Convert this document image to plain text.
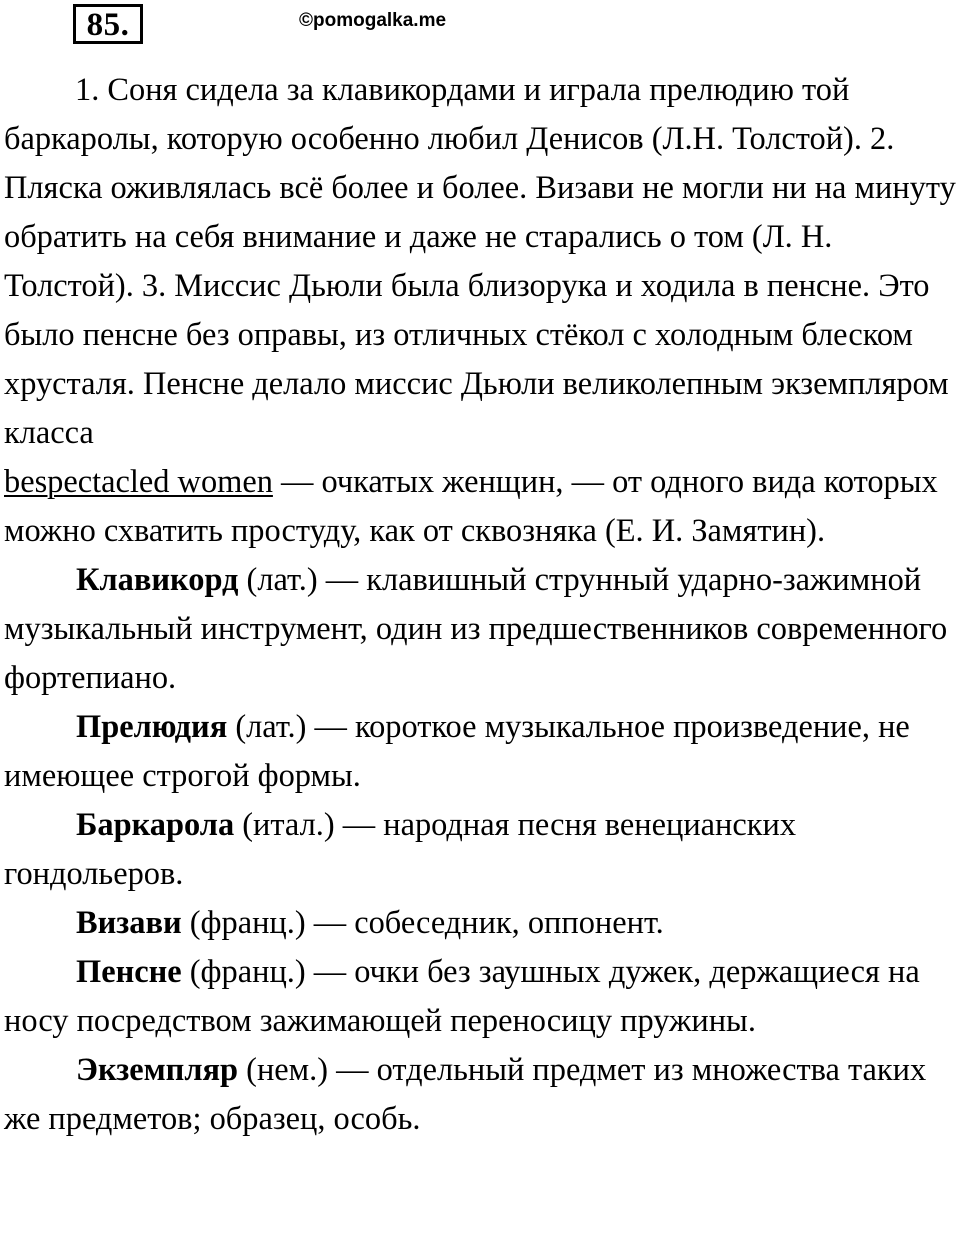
85.	©pomogalka.me

1. Соня сидела за клавикордами и играла прелюдию той баркаролы, которую особенно любил Денисов (Л.Н. Толстой). 2. Пляска оживлялась всё более и более. Визави не могли ни на минуту обратить на себя внимание и даже не старались о том (Л. Н. Толстой). 3. Миссис Дьюли была близорука и ходила в пенсне. Это было пенсне без оправы, из отличных стёкол с холодным блеском хрусталя. Пенсне делало миссис Дьюли великолепным экземпляром класса
bespectacled women — очкатых женщин, — от одного вида которых можно схватить простуду, как от сквозняка (Е. И. Замятин).

Клавикорд (лат.) — клавишный струнный ударно-зажимной музыкальный инструмент, один из предшественников современного фортепиано.

Прелюдия (лат.) — короткое музыкальное произведение, не имеющее строгой формы.

Баркарола (итал.) — народная песня венецианских гондольеров.

Визави (франц.) — собеседник, оппонент.

Пенсне (франц.) — очки без заушных дужек, держащиеся на носу посредством зажимающей переносицу пружины.

Экземпляр (нем.) — отдельный предмет из множества таких же предметов; образец, особь.
